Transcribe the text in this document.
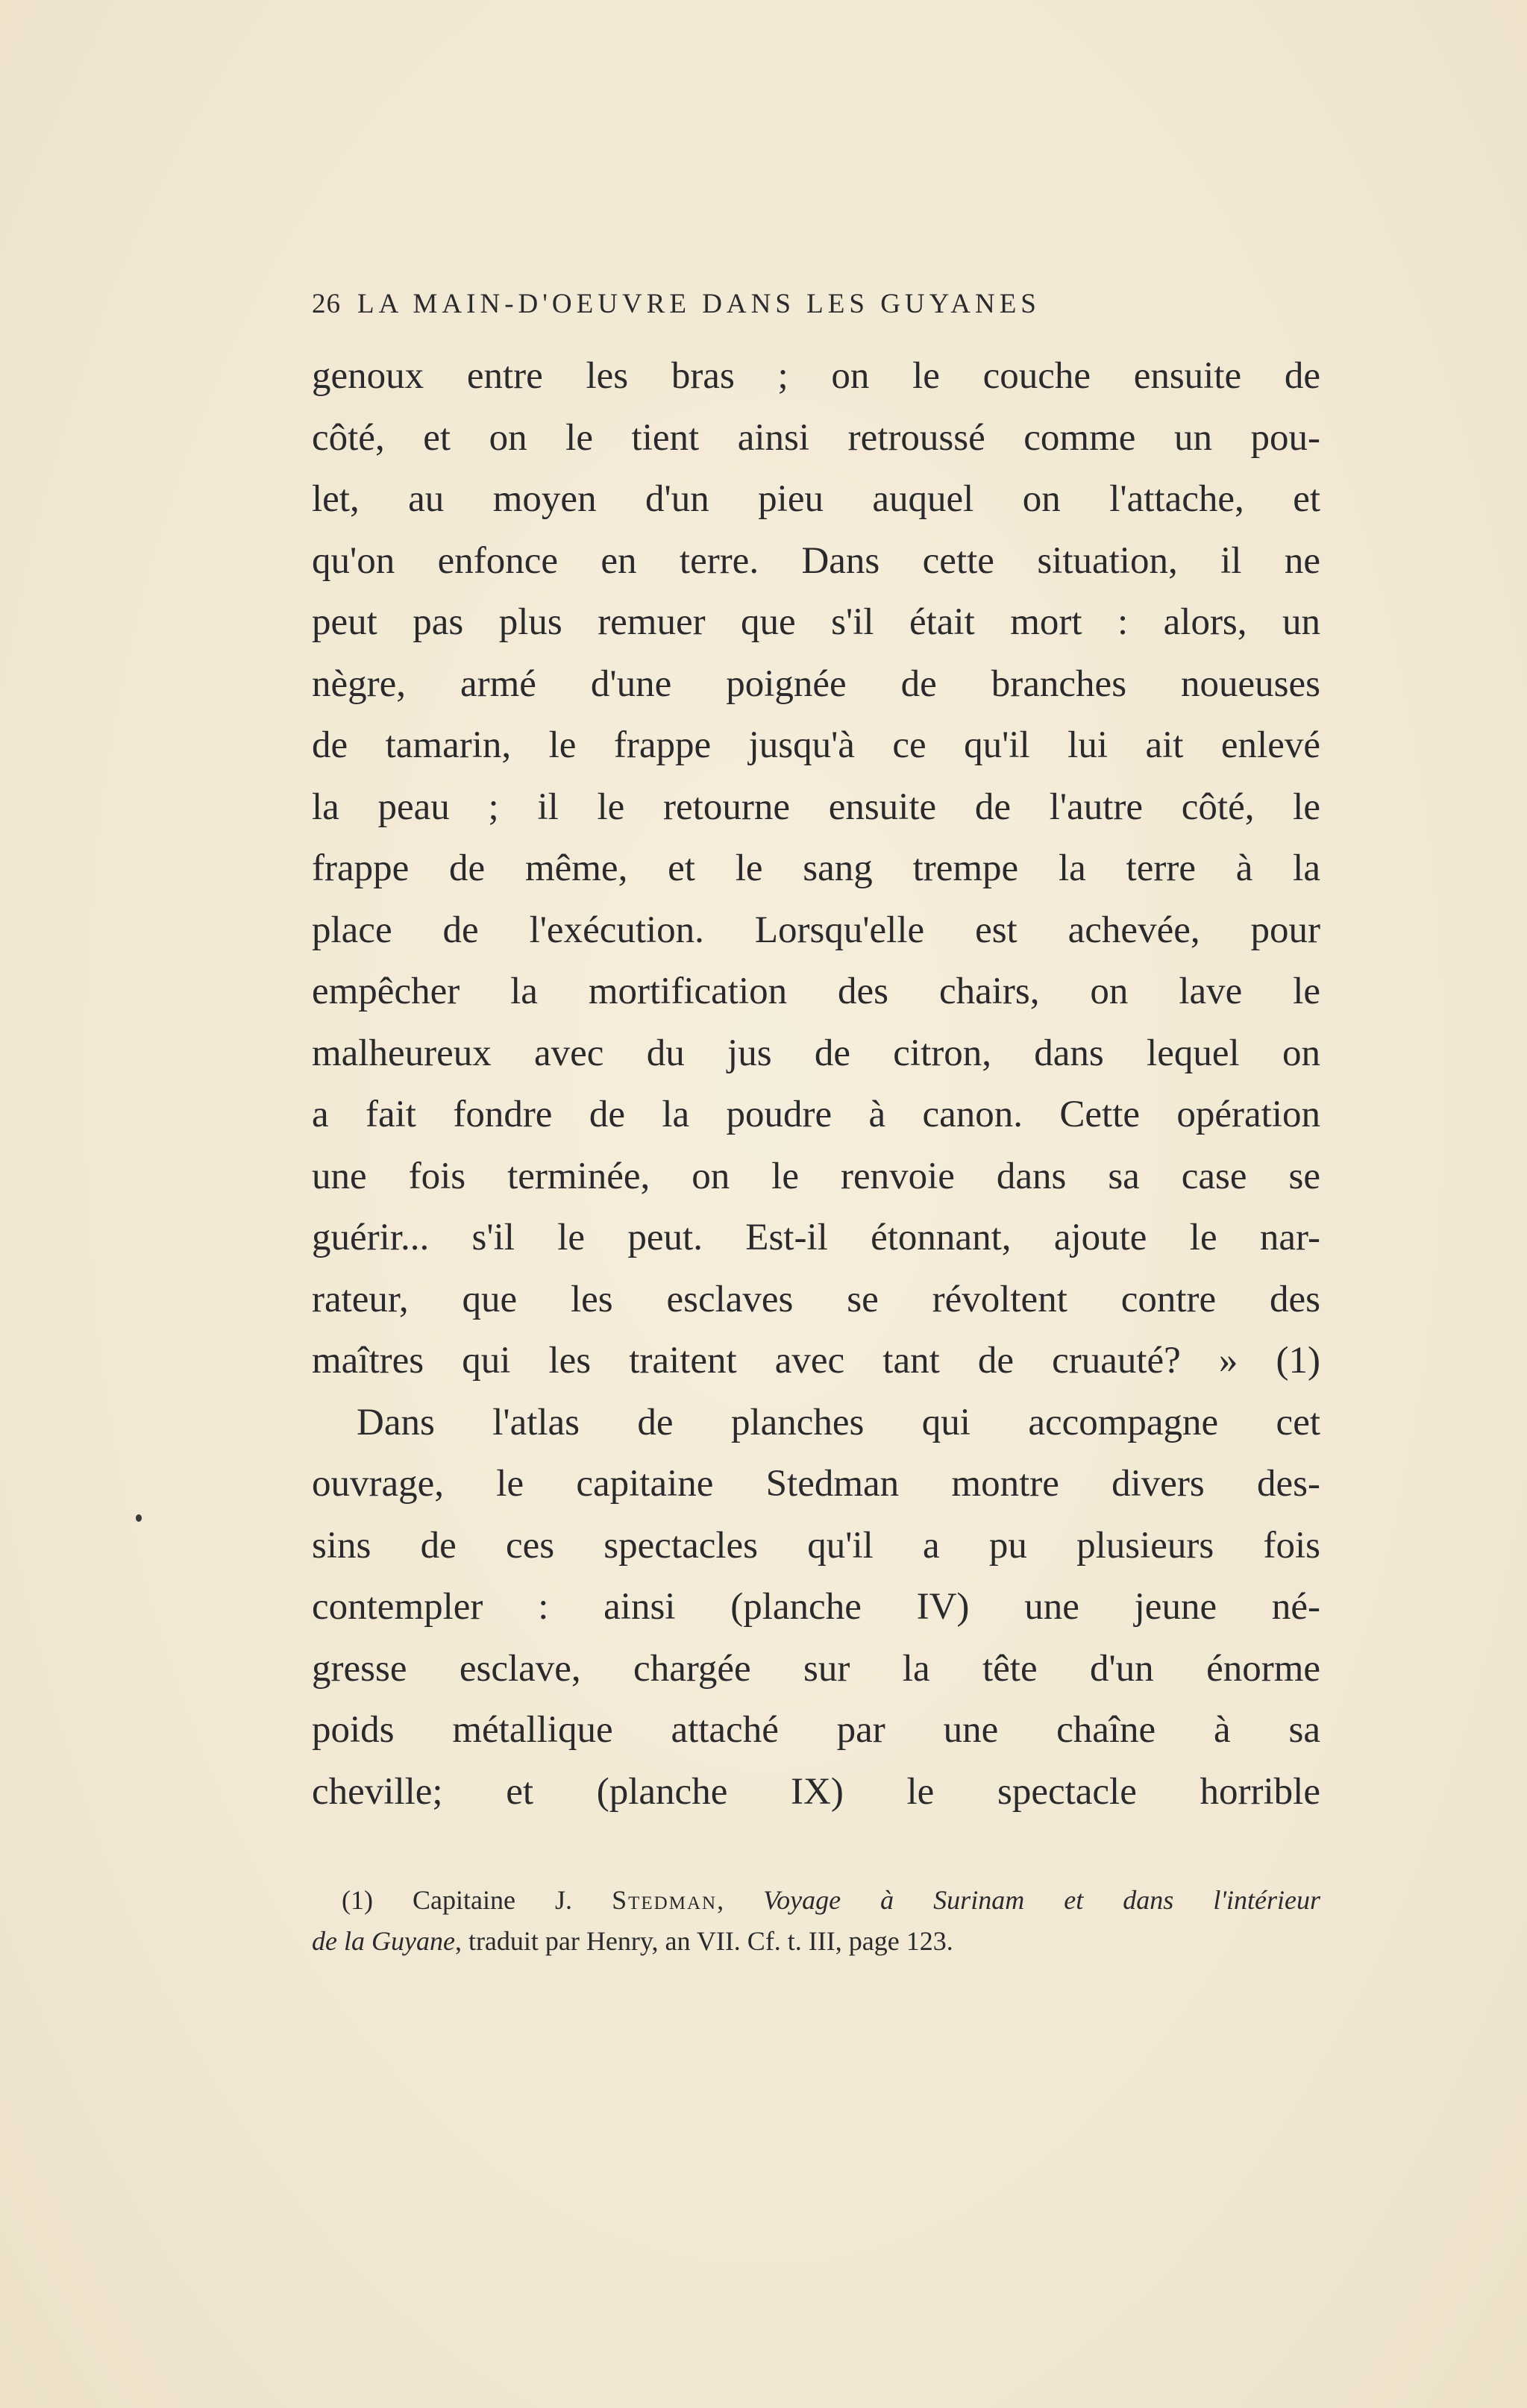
26 LA MAIN-D'OEUVRE DANS LES GUYANES
genoux entre les bras ; on le couche ensuite de
côté, et on le tient ainsi retroussé comme un pou-
let, au moyen d'un pieu auquel on l'attache, et
qu'on enfonce en terre. Dans cette situation, il ne
peut pas plus remuer que s'il était mort : alors, un
nègre, armé d'une poignée de branches noueuses
de tamarin, le frappe jusqu'à ce qu'il lui ait enlevé
la peau ; il le retourne ensuite de l'autre côté, le
frappe de même, et le sang trempe la terre à la
place de l'exécution. Lorsqu'elle est achevée, pour
empêcher la mortification des chairs, on lave le
malheureux avec du jus de citron, dans lequel on
a fait fondre de la poudre à canon. Cette opération
une fois terminée, on le renvoie dans sa case se
guérir... s'il le peut. Est-il étonnant, ajoute le nar-
rateur, que les esclaves se révoltent contre des
maîtres qui les traitent avec tant de cruauté? » (1)
Dans l'atlas de planches qui accompagne cet
ouvrage, le capitaine Stedman montre divers des-
sins de ces spectacles qu'il a pu plusieurs fois
contempler : ainsi (planche IV) une jeune né-
gresse esclave, chargée sur la tête d'un énorme
poids métallique attaché par une chaîne à sa
cheville; et (planche IX) le spectacle horrible
(1) Capitaine J. Stedman, Voyage à Surinam et dans l'intérieur
de la Guyane, traduit par Henry, an VII. Cf. t. III, page 123.
